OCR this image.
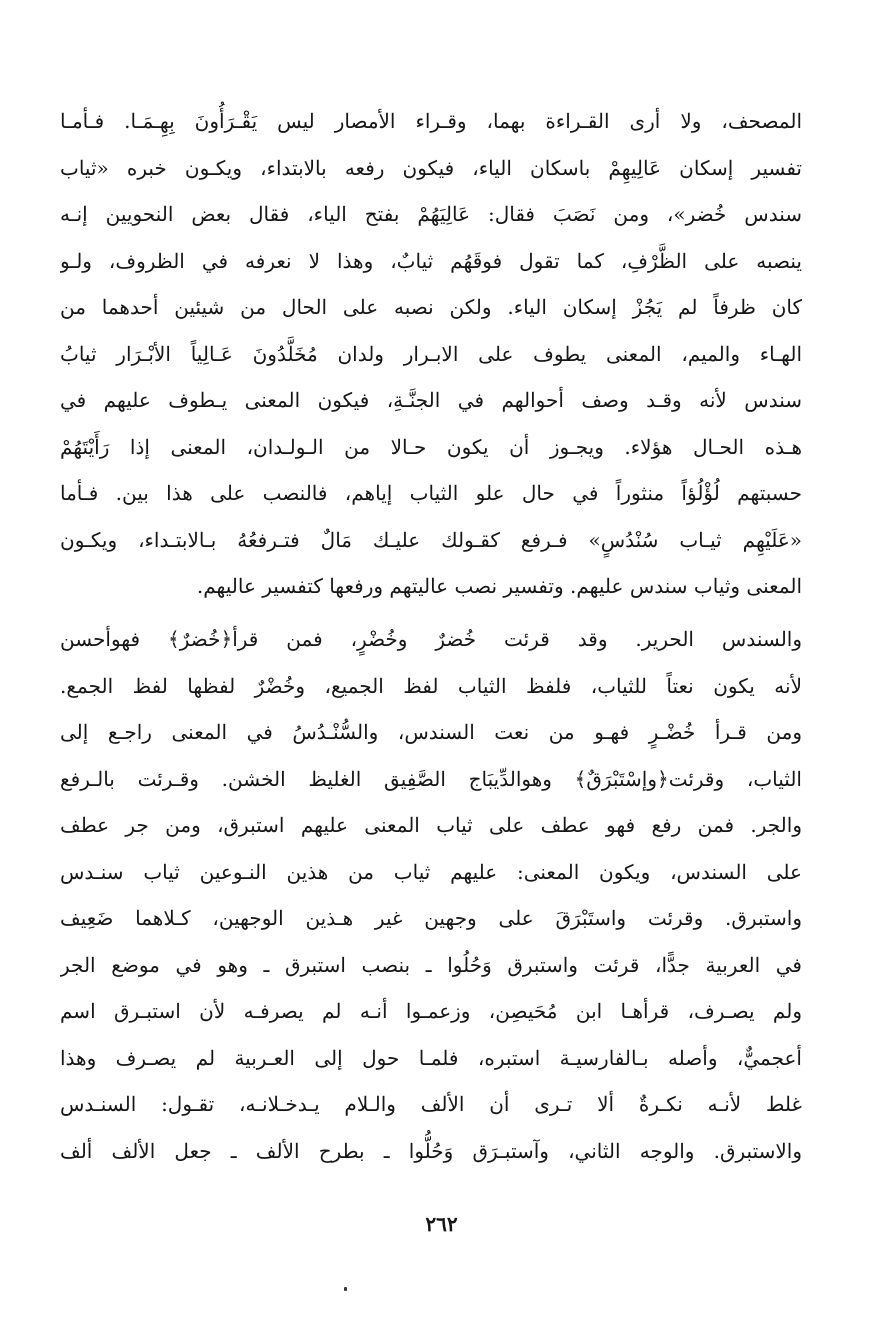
المصحف، ولا أرى القـراءة بهما، وقـراء الأمصار ليس يَقْـرَأُونَ بِهِـمَـا. فـأمـا
تفسير إسكان عَالِيهِمْ باسكان الياء، فيكون رفعه بالابتداء، ويكـون خبره «ثياب
سندس خُضر»، ومن نَصَبَ فقال: عَالِيَهُمْ بفتح الياء، فقال بعض النحويين إنـه
ينصبه على الظَّرْفِ، كما تقول فوقَهُم ثيابٌ، وهذا لا نعرفه في الظروف، ولـو
كان ظرفاً لم يَجُزْ إسكان الياء. ولكن نصبه على الحال من شيئين أحدهما من
الهـاء والميم، المعنى يطوف على الابـرار ولدان مُخَلَّدُونَ عَـالِياً الأبْـرَار ثيابُ
سندس لأنه وقـد وصف أحوالهم في الجنَّـةِ، فيكون المعنى يـطوف عليهم في
هـذه الحـال هؤلاء. ويجـوز أن يكون حـالا من الـولـدان، المعنى إذا رَأَيْتَهُمْ
حسبتهم لُؤْلُؤاً منثوراً في حال علو الثياب إياهم، فالنصب على هذا بين. فـأما
«عَلَيْهِم ثيـاب سُنْدُسٍ» فـرفع كقـولك عليـك مَالٌ فتـرفعُهُ بـالابتـداء، ويكـون
المعنى وثياب سندس عليهم. وتفسير نصب عاليتهم ورفعها كتفسير عاليهم.
والسندس الحرير. وقد قرئت خُضرٌ وخُضْرٍ، فمن قرأ﴿خُضرٌ﴾ فهوأحسن
لأنه يكون نعتاً للثياب، فلفظ الثياب لفظ الجميع، وخُضْرٌ لفظها لفظ الجمع.
ومن قـرأ خُضْـرٍ فهـو من نعت السندس، والسُّنْـدُسُ في المعنى راجـع إلى
الثياب، وقرئت﴿وإسْتَبْرَقٌ﴾ وهوالدِّيبَاج الصَّفِيق الغليظ الخشن. وقـرئت بالـرفع
والجر. فمن رفع فهو عطف على ثياب المعنى عليهم استبرق، ومن جر عطف
على السندس، ويكون المعنى: عليهم ثياب من هذين النـوعين ثياب سنـدس
واستبرق. وقرئت واستَبْرَقَ على وجهين غير هـذين الوجهين، كـلاهما ضَعِيف
في العربية جدًّا، قرئت واستبرق وَحُلُوا ـ بنصب استبرق ـ وهو في موضع الجر
ولم يصـرف، قرأهـا ابن مُحَيصِن، وزعمـوا أنـه لم يصرفـه لأن استبـرق اسم
أعجميٌّ، وأصله بـالفارسيـة استبره، فلمـا حول إلى العـربية لم يصـرف وهذا
غلط لأنـه نكـرةٌ ألا تـرى أن الألف والـلام يـدخـلانـه، تقـول: السنـدس
والاستبرق. والوجه الثاني، وآستبـرَق وَحُلُّوا ـ بطرح الألف ـ جعل الألف ألف
٢٦٢
